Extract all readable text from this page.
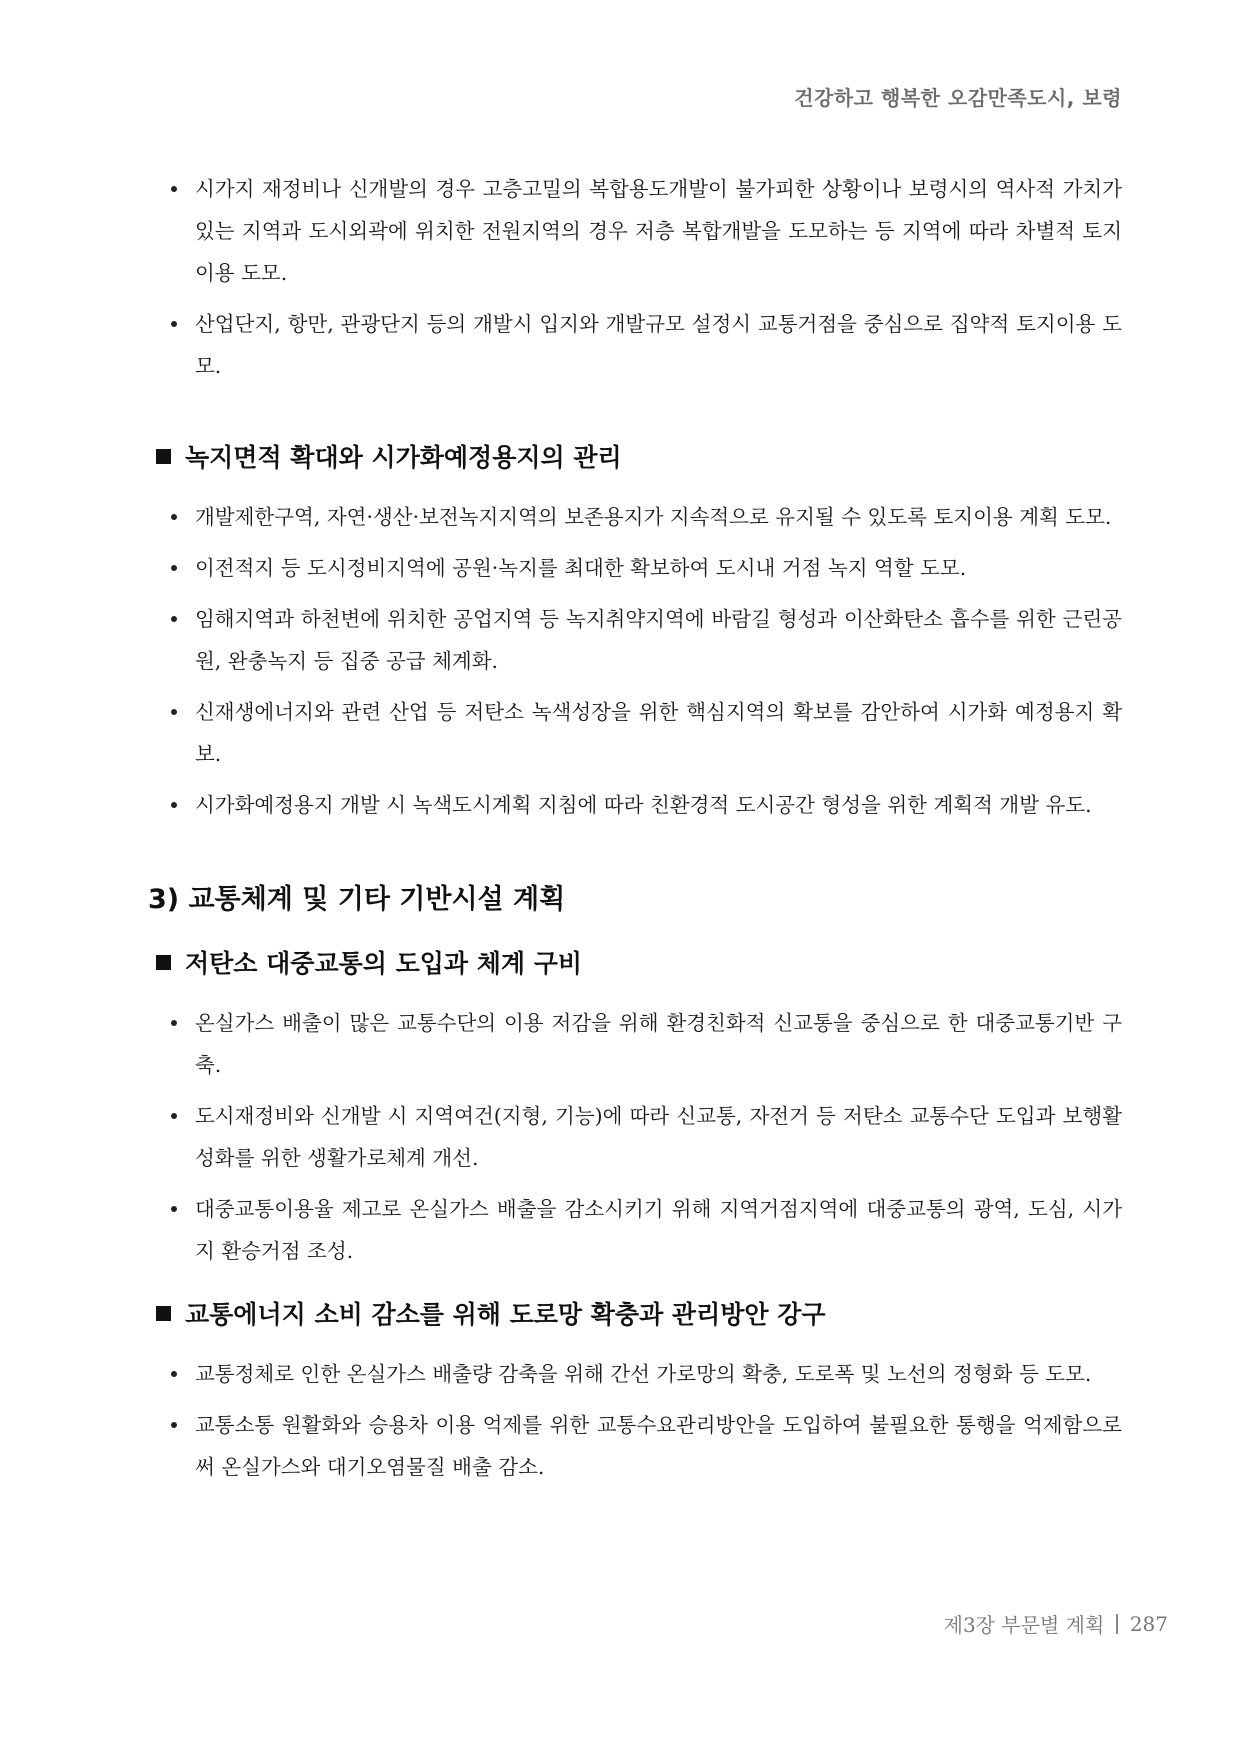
건강하고 행복한 오감만족도시, 보령
시가지 재정비나 신개발의 경우 고층고밀의 복합용도개발이 불가피한 상황이나 보령시의 역사적 가치가 있는 지역과 도시외곽에 위치한 전원지역의 경우 저층 복합개발을 도모하는 등 지역에 따라 차별적 토지이용 도모.
산업단지, 항만, 관광단지 등의 개발시 입지와 개발규모 설정시 교통거점을 중심으로 집약적 토지이용 도모.
녹지면적 확대와 시가화예정용지의 관리
개발제한구역, 자연·생산·보전녹지지역의 보존용지가 지속적으로 유지될 수 있도록 토지이용 계획 도모.
이전적지 등 도시정비지역에 공원·녹지를 최대한 확보하여 도시내 거점 녹지 역할 도모.
임해지역과 하천변에 위치한 공업지역 등 녹지취약지역에 바람길 형성과 이산화탄소 흡수를 위한 근린공원, 완충녹지 등 집중 공급 체계화.
신재생에너지와 관련 산업 등 저탄소 녹색성장을 위한 핵심지역의 확보를 감안하여 시가화 예정용지 확보.
시가화예정용지 개발 시 녹색도시계획 지침에 따라 친환경적 도시공간 형성을 위한 계획적 개발 유도.
3) 교통체계 및 기타 기반시설 계획
저탄소 대중교통의 도입과 체계 구비
온실가스 배출이 많은 교통수단의 이용 저감을 위해 환경친화적 신교통을 중심으로 한 대중교통기반 구축.
도시재정비와 신개발 시 지역여건(지형, 기능)에 따라 신교통, 자전거 등 저탄소 교통수단 도입과 보행활성화를 위한 생활가로체계 개선.
대중교통이용율 제고로 온실가스 배출을 감소시키기 위해 지역거점지역에 대중교통의 광역, 도심, 시가지 환승거점 조성.
교통에너지 소비 감소를 위해 도로망 확충과 관리방안 강구
교통정체로 인한 온실가스 배출량 감축을 위해 간선 가로망의 확충, 도로폭 및 노선의 정형화 등 도모.
교통소통 원활화와 승용차 이용 억제를 위한 교통수요관리방안을 도입하여 불필요한 통행을 억제함으로써 온실가스와 대기오염물질 배출 감소.
제3장 부문별 계획 287
